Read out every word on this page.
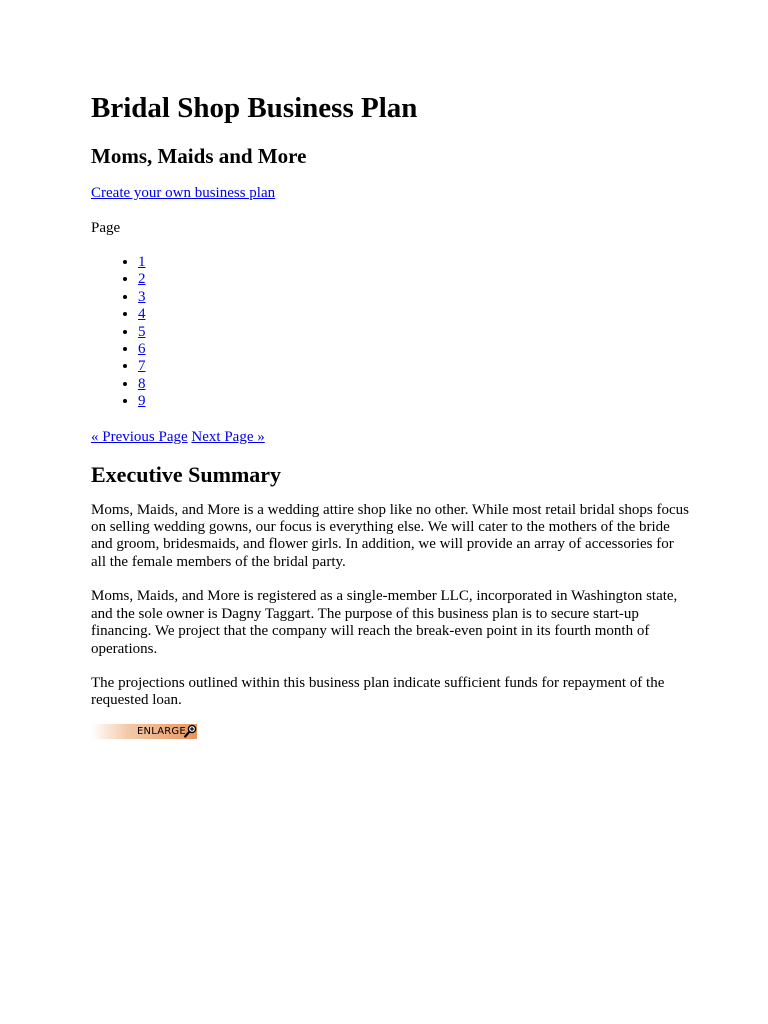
Bridal Shop Business Plan
Moms, Maids and More
Create your own business plan
Page
• 1
• 2
• 3
• 4
• 5
• 6
• 7
• 8
• 9
« Previous Page Next Page »
Executive Summary

Moms, Maids, and More is a wedding attire shop like no other. While most retail bridal shops focus on selling wedding gowns, our focus is everything else. We will cater to the mothers of the bride and groom, bridesmaids, and flower girls. In addition, we will provide an array of accessories for all the female members of the bridal party.

Moms, Maids, and More is registered as a single-member LLC, incorporated in Washington state, and the sole owner is Dagny Taggart. The purpose of this business plan is to secure start-up financing. We project that the company will reach the break-even point in its fourth month of operations.

The projections outlined within this business plan indicate sufficient funds for repayment of the requested loan.

ENLARGE
